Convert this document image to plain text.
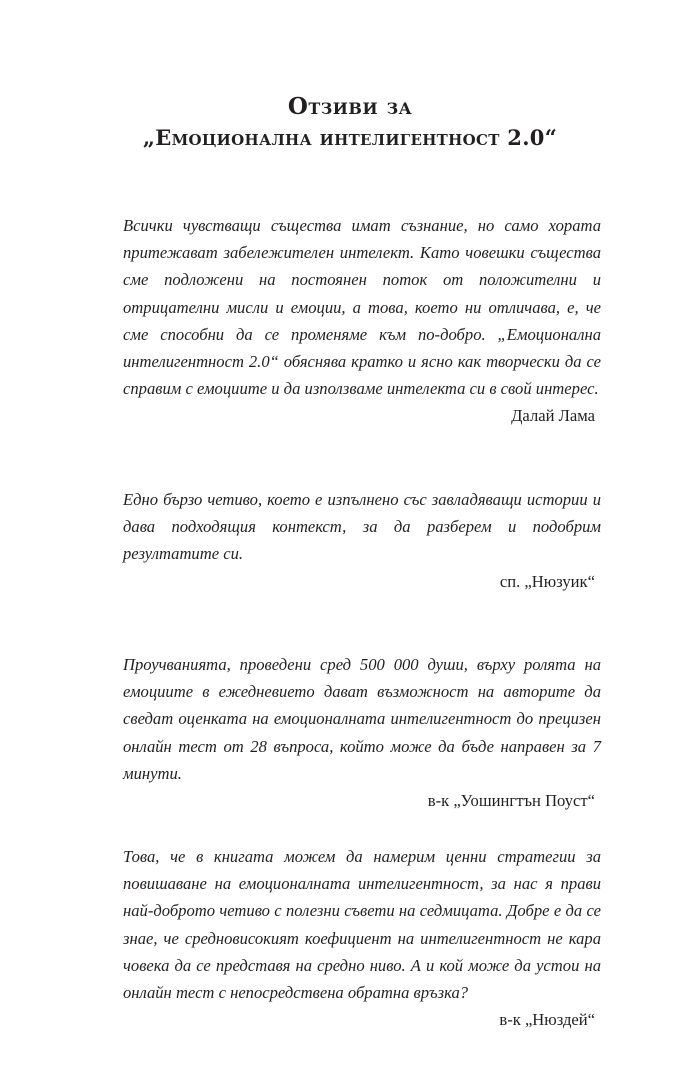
Отзиви за
„Емоционална интелигентност 2.0“

Всички чувстващи същества имат съзнание, но само хората притежават забележителен интелект. Като човешки същества сме подложени на постоянен поток от положителни и отрицателни мисли и емоции, а това, което ни отличава, е, че сме способни да се променяме към по-добро. „Емоционална интелигентност 2.0“ обяснява кратко и ясно как творчески да се справим с емоциите и да използваме интелекта си в свой интерес.

Далай Лама

Едно бързо четиво, което е изпълнено със завладяващи истории и дава подходящия контекст, за да разберем и подобрим резултатите си.

сп. „Нюзуик“

Проучванията, проведени сред 500 000 души, върху ролята на емоциите в ежедневието дават възможност на авторите да сведат оценката на емоционалната интелигентност до прецизен онлайн тест от 28 въпроса, който може да бъде направен за 7 минути.

в-к „Уошингтън Поуст“

Това, че в книгата можем да намерим ценни стратегии за повишаване на емоционалната интелигентност, за нас я прави най-доброто четиво с полезни съвети на седмицата. Добре е да се знае, че средновисокият коефициент на интелигентност не кара човека да се представя на средно ниво. А и кой може да устои на онлайн тест с непосредствена обратна връзка?

в-к „Нюздей“
